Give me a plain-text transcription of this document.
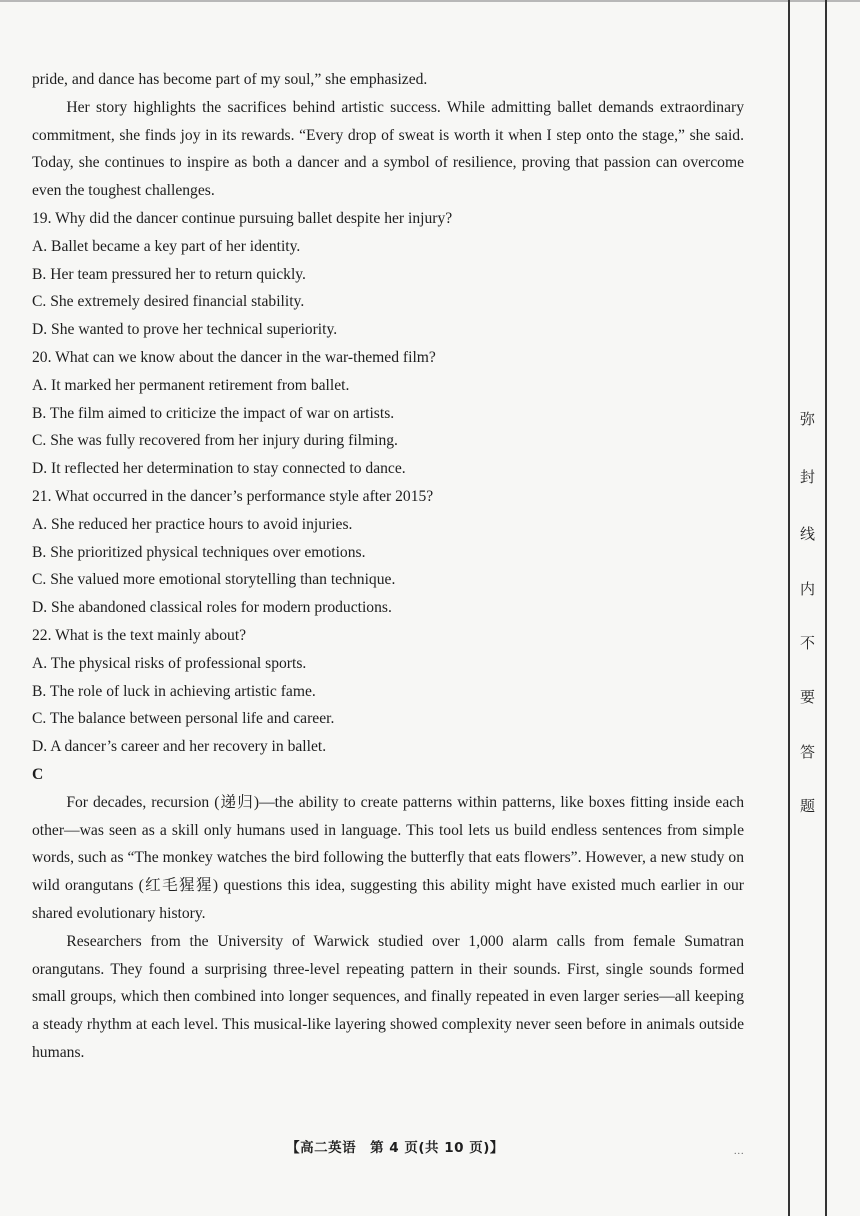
pride, and dance has become part of my soul,” she emphasized.

Her story highlights the sacrifices behind artistic success. While admitting ballet demands extraordinary commitment, she finds joy in its rewards. “Every drop of sweat is worth it when I step onto the stage,” she said. Today, she continues to inspire as both a dancer and a symbol of resilience, proving that passion can overcome even the toughest challenges.

19. Why did the dancer continue pursuing ballet despite her injury?

A. Ballet became a key part of her identity.

B. Her team pressured her to return quickly.

C. She extremely desired financial stability.

D. She wanted to prove her technical superiority.

20. What can we know about the dancer in the war-themed film?

A. It marked her permanent retirement from ballet.

B. The film aimed to criticize the impact of war on artists.

C. She was fully recovered from her injury during filming.

D. It reflected her determination to stay connected to dance.

21. What occurred in the dancer’s performance style after 2015?

A. She reduced her practice hours to avoid injuries.

B. She prioritized physical techniques over emotions.

C. She valued more emotional storytelling than technique.

D. She abandoned classical roles for modern productions.

22. What is the text mainly about?

A. The physical risks of professional sports.

B. The role of luck in achieving artistic fame.

C. The balance between personal life and career.

D. A dancer’s career and her recovery in ballet.

C

For decades, recursion (递归)—the ability to create patterns within patterns, like boxes fitting inside each other—was seen as a skill only humans used in language. This tool lets us build endless sentences from simple words, such as “The monkey watches the bird following the butterfly that eats flowers”. However, a new study on wild orangutans (红毛猩猩) questions this idea, suggesting this ability might have existed much earlier in our shared evolutionary history.

Researchers from the University of Warwick studied over 1,000 alarm calls from female Sumatran orangutans. They found a surprising three-level repeating pattern in their sounds. First, single sounds formed small groups, which then combined into longer sequences, and finally repeated in even larger series—all keeping a steady rhythm at each level. This musical-like layering showed complexity never seen before in animals outside humans.

【高二英语　第 4 页(共 10 页)】	...
弥
封
线
内
不
要
答
题
